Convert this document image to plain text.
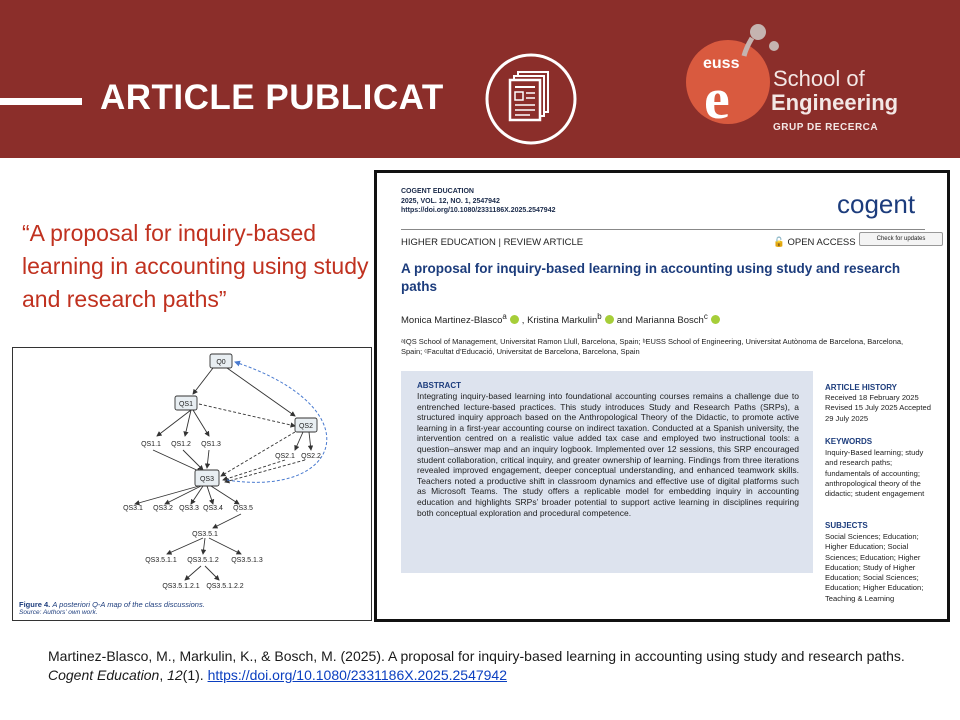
ARTICLE PUBLICAT
euss
e School of
Engineering
GRUP DE RECERCA
“A proposal for inquiry-based learning in accounting using study and research paths”
Q0
QS1
QS2
QS1.1 QS1.2 QS1.3
QS2.1 QS2.2
QS3
QS3.1 QS3.2 QS3.3 QS3.4 QS3.5
QS3.5.1
QS3.5.1.1 QS3.5.1.2 QS3.5.1.3
QS3.5.1.2.1 QS3.5.1.2.2
Figure 4. A posteriori Q-A map of the class discussions.
Source: Authors’ own work.
COGENT EDUCATION
2025, VOL. 12, NO. 1, 2547942
https://doi.org/10.1080/2331186X.2025.2547942	cogent
HIGHER EDUCATION | REVIEW ARTICLE	🔓 OPEN ACCESS	Check for updates
A proposal for inquiry-based learning in accounting using study and research paths
Monica Martinez-Blasco$^a$ , Kristina Markulin$^b$ and Marianna Bosch$^c$
ᵃIQS School of Management, Universitat Ramon Llull, Barcelona, Spain; ᵇEUSS School of Engineering, Universitat Autònoma de Barcelona, Barcelona, Spain; ᶜFacultat d’Educació, Universitat de Barcelona, Barcelona, Spain
ABSTRACT
Integrating inquiry-based learning into foundational accounting courses remains a challenge due to entrenched lecture-based practices. This study introduces Study and Research Paths (SRPs), a structured inquiry approach based on the Anthropological Theory of the Didactic, to promote active learning in a first-year accounting course on indirect taxation. Conducted at a Spanish university, the intervention centred on a realistic value added tax case and employed two instructional tools: a question–answer map and an inquiry logbook. Implemented over 12 sessions, this SRP encouraged student collaboration, critical inquiry, and greater ownership of learning. Findings from three iterations revealed improved engagement, deeper conceptual understanding, and enhanced teamwork skills. Teachers noted a productive shift in classroom dynamics and effective use of digital platforms such as Microsoft Teams. The study offers a replicable model for embedding inquiry in accounting education and highlights SRPs’ broader potential to support active learning in disciplines requiring both conceptual exploration and procedural competence.
ARTICLE HISTORY
Received 18 February 2025 Revised 15 July 2025 Accepted 29 July 2025
KEYWORDS
Inquiry-Based learning; study and research paths; fundamentals of accounting; anthropological theory of the didactic; student engagement
SUBJECTS
Social Sciences; Education; Higher Education; Social Sciences; Education; Higher Education; Study of Higher Education; Social Sciences; Education; Higher Education; Teaching & Learning
Martinez-Blasco, M., Markulin, K., & Bosch, M. (2025). A proposal for inquiry-based learning in accounting using study and research paths. Cogent Education, 12(1). https://doi.org/10.1080/2331186X.2025.2547942
